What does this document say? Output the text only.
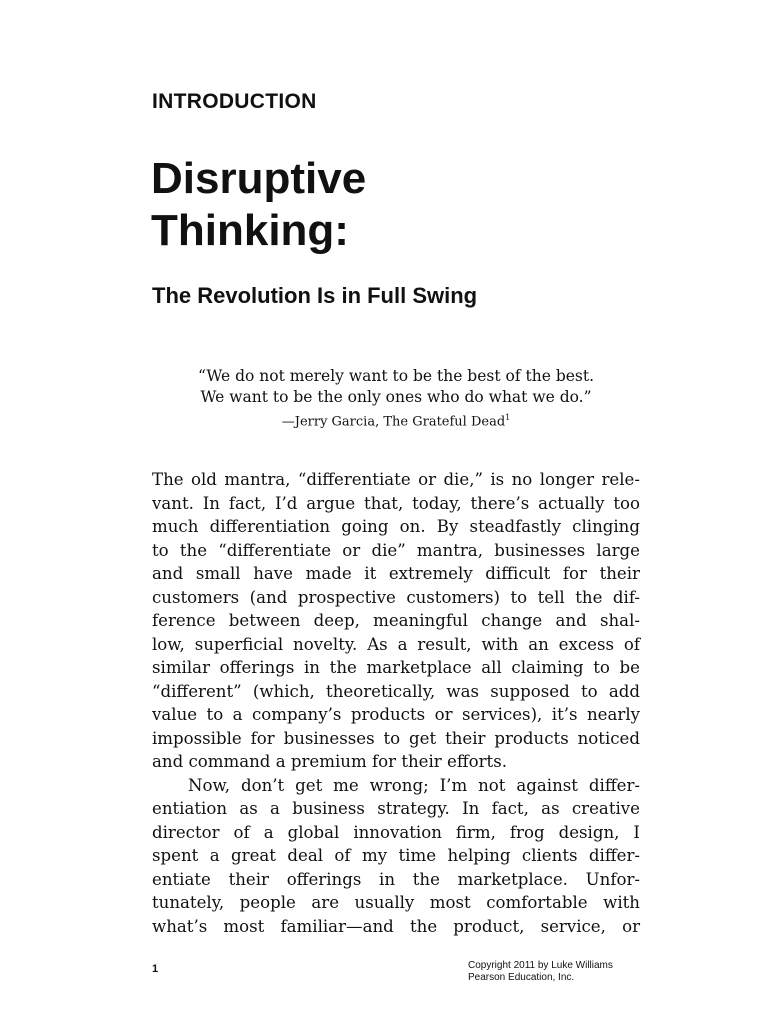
INTRODUCTION

Disruptive
Thinking:
The Revolution Is in Full Swing
“We do not merely want to be the best of the best.
We want to be the only ones who do what we do.”
—Jerry Garcia, The Grateful Dead$^1$
The old mantra, “differentiate or die,” is no longer rele-
vant. In fact, I’d argue that, today, there’s actually too
much differentiation going on. By steadfastly clinging
to the “differentiate or die” mantra, businesses large
and small have made it extremely difficult for their
customers (and prospective customers) to tell the dif-
ference between deep, meaningful change and shal-
low, superficial novelty. As a result, with an excess of
similar offerings in the marketplace all claiming to be
“different” (which, theoretically, was supposed to add
value to a company’s products or services), it’s nearly
impossible for businesses to get their products noticed
and command a premium for their efforts.
Now, don’t get me wrong; I’m not against differ-
entiation as a business strategy. In fact, as creative
director of a global innovation firm, frog design, I
spent a great deal of my time helping clients differ-
entiate their offerings in the marketplace. Unfor-
tunately, people are usually most comfortable with
what’s most familiar—and the product, service, or

1	Copyright 2011 by Luke Williams
Pearson Education, Inc.
